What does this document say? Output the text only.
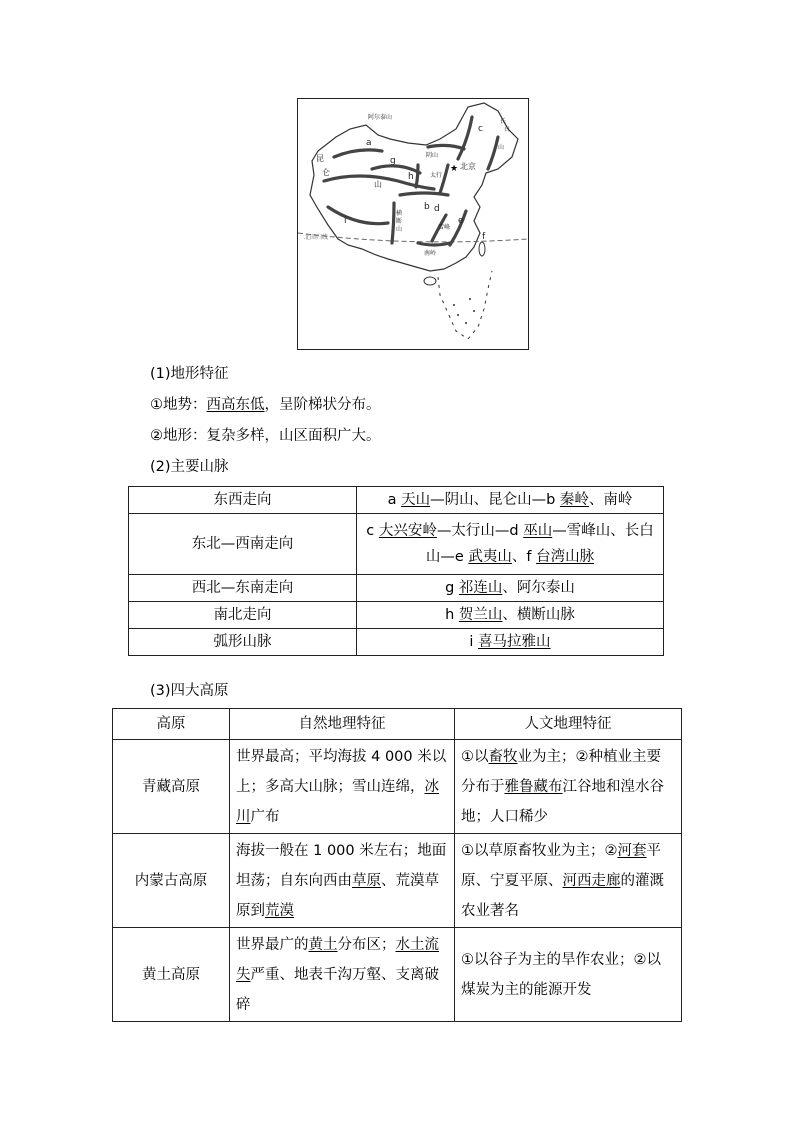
a
b
c
d
e
f
g
h
i
北京
北回归线
昆
仑
山
太行
阴山
长
白
山
雪峰
横
断
山
南岭
阿尔泰山
★
(1)地形特征
①地势：西高东低，呈阶梯状分布。
②地形：复杂多样，山区面积广大。
(2)主要山脉
东西走向	a 天山—阴山、昆仑山—b 秦岭、南岭
东北—西南走向	c 大兴安岭—太行山—d 巫山—雪峰山、长白
山—e 武夷山、f 台湾山脉
西北—东南走向	g 祁连山、阿尔泰山
南北走向	h 贺兰山、横断山脉
弧形山脉	i 喜马拉雅山
(3)四大高原
高原	自然地理特征	人文地理特征
青藏高原	世界最高；平均海拔 4 000 米以上；多高大山脉；雪山连绵，冰川广布	①以畜牧业为主；②种植业主要分布于雅鲁藏布江谷地和湟水谷地；人口稀少
内蒙古高原	海拔一般在 1 000 米左右；地面坦荡；自东向西由草原、荒漠草原到荒漠	①以草原畜牧业为主；②河套平原、宁夏平原、河西走廊的灌溉农业著名
黄土高原	世界最广的黄土分布区；水土流失严重、地表千沟万壑、支离破碎	①以谷子为主的旱作农业；②以煤炭为主的能源开发
